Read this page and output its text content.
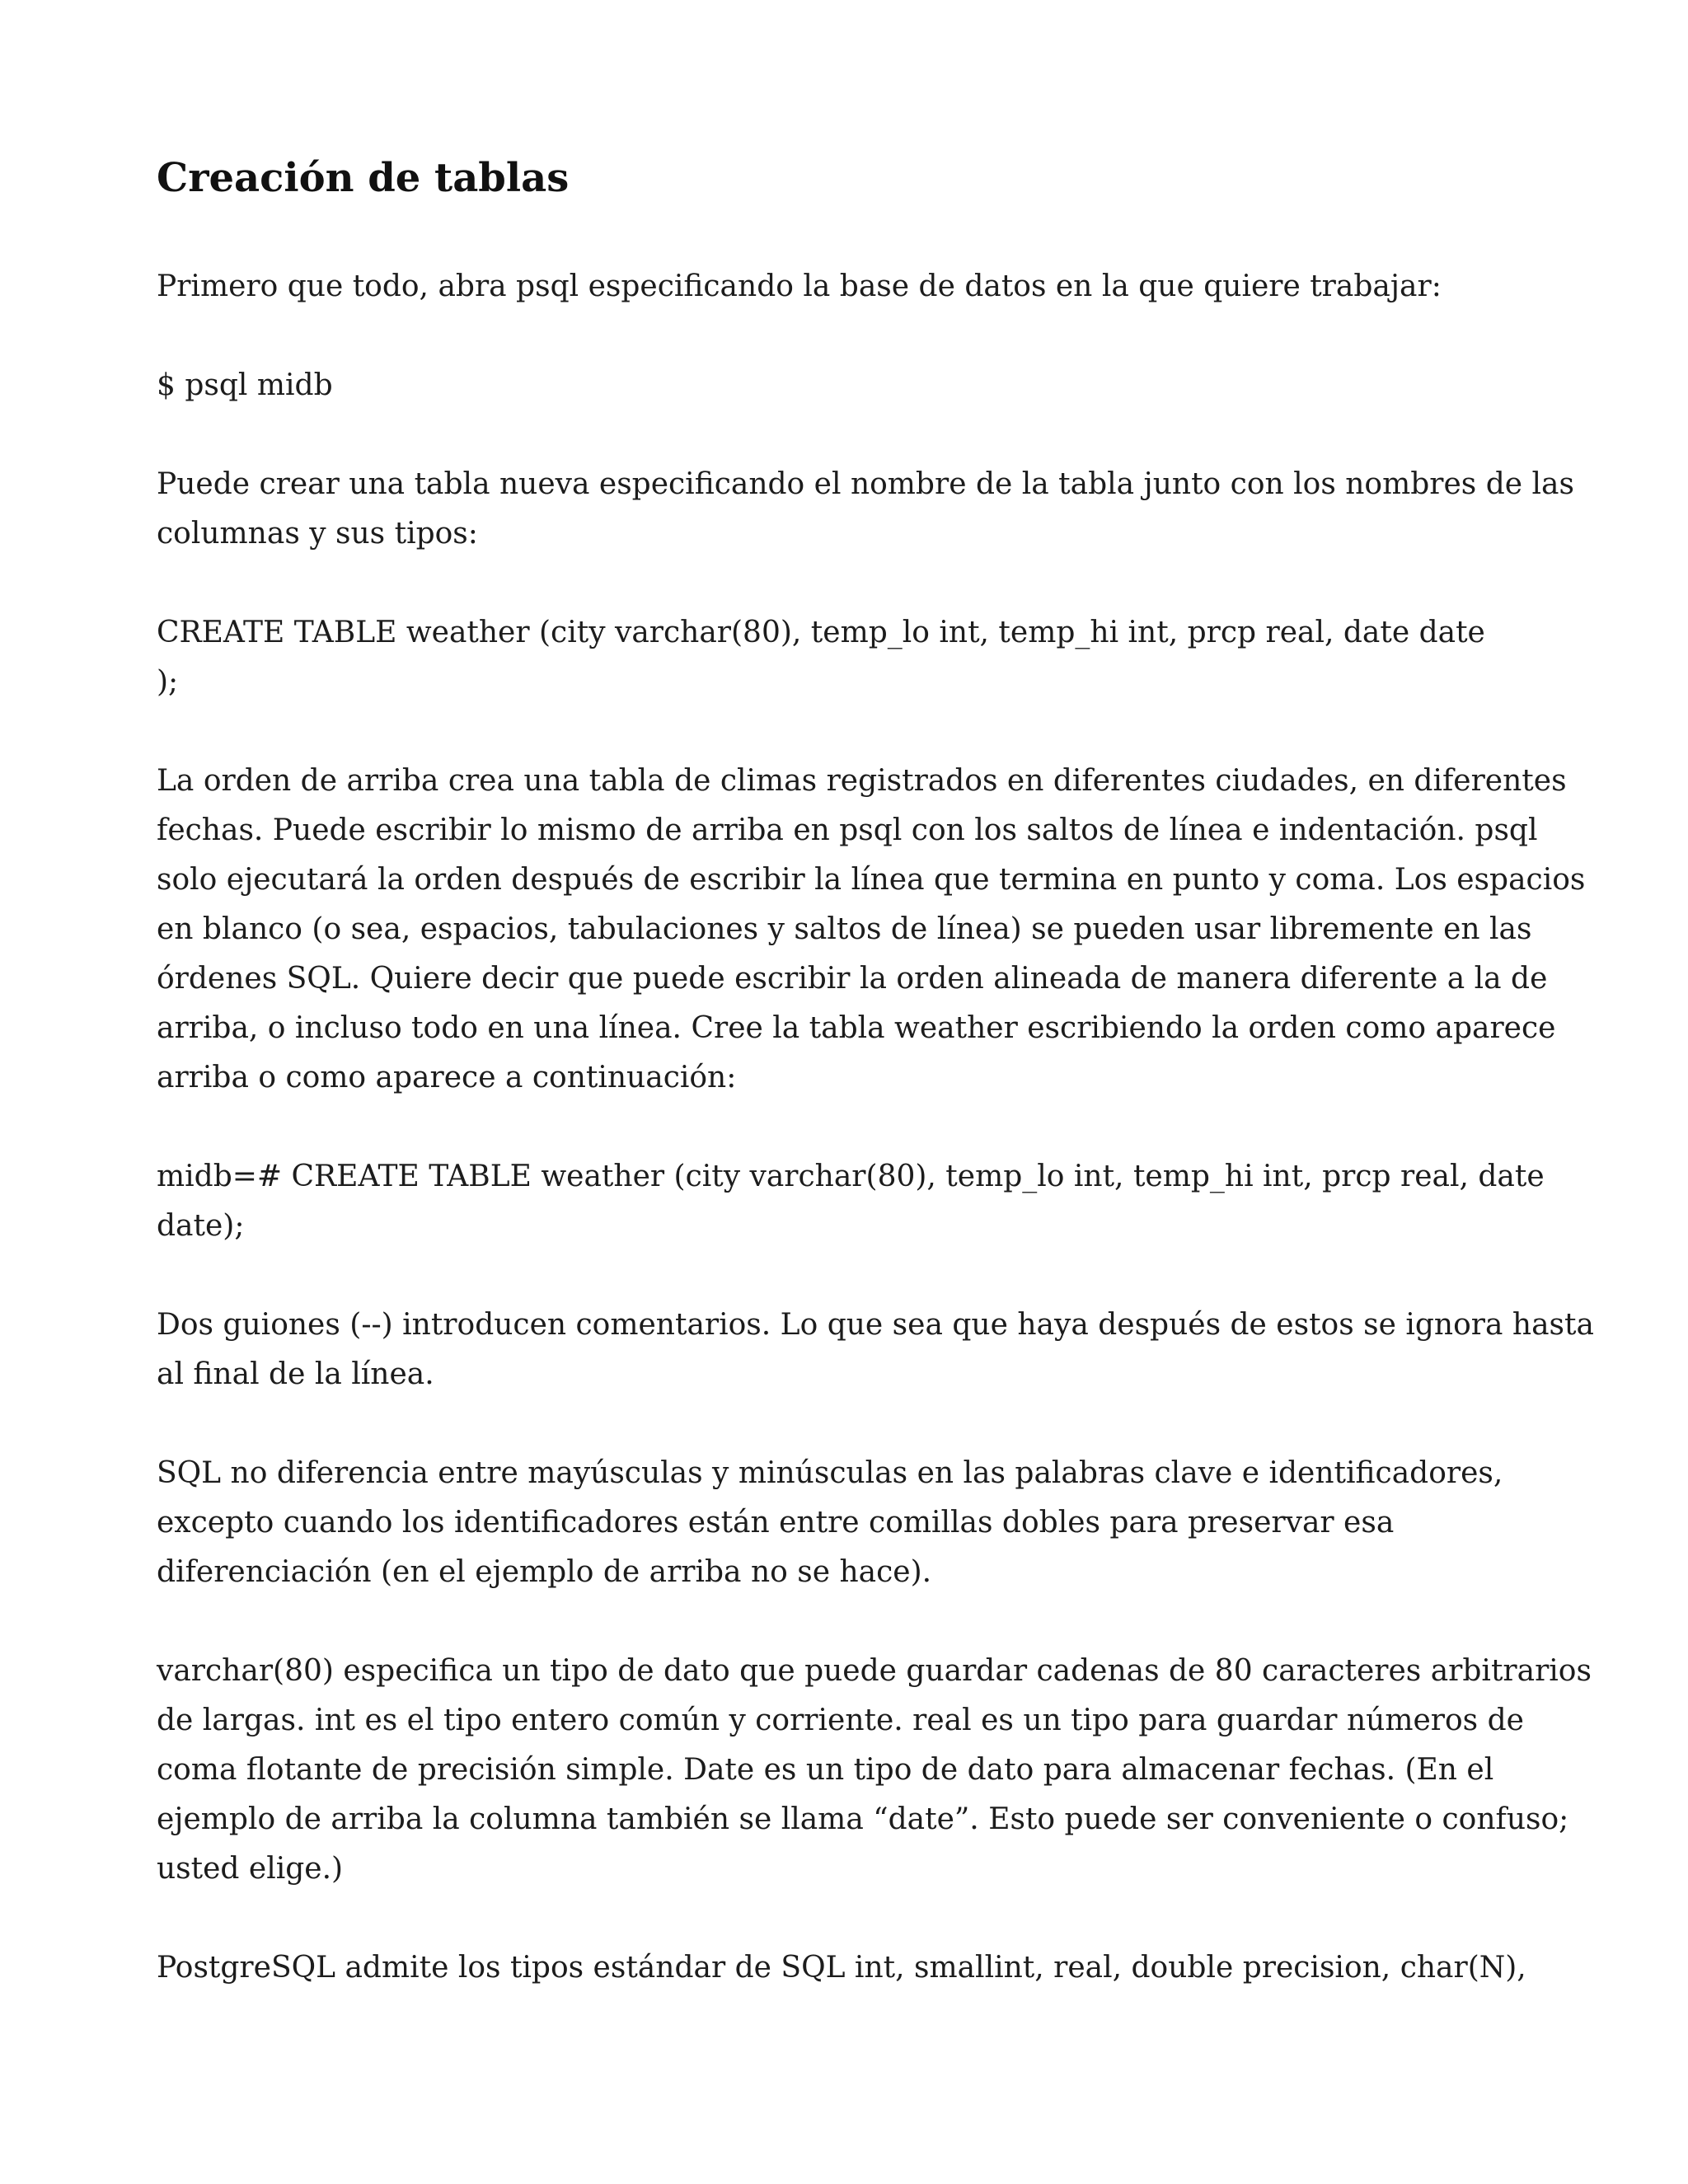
Creación de tablas

Primero que todo, abra psql especificando la base de datos en la que quiere trabajar:

$ psql midb

Puede crear una tabla nueva especificando el nombre de la tabla junto con los nombres de las
columnas y sus tipos:

CREATE TABLE weather (city varchar(80), temp_lo int, temp_hi int, prcp real, date date
);

La orden de arriba crea una tabla de climas registrados en diferentes ciudades, en diferentes
fechas. Puede escribir lo mismo de arriba en psql con los saltos de línea e indentación. psql
solo ejecutará la orden después de escribir la línea que termina en punto y coma. Los espacios
en blanco (o sea, espacios, tabulaciones y saltos de línea) se pueden usar libremente en las
órdenes SQL. Quiere decir que puede escribir la orden alineada de manera diferente a la de
arriba, o incluso todo en una línea. Cree la tabla weather escribiendo la orden como aparece
arriba o como aparece a continuación:

midb=# CREATE TABLE weather (city varchar(80), temp_lo int, temp_hi int, prcp real, date
date);

Dos guiones (--) introducen comentarios. Lo que sea que haya después de estos se ignora hasta
al final de la línea.

SQL no diferencia entre mayúsculas y minúsculas en las palabras clave e identificadores,
excepto cuando los identificadores están entre comillas dobles para preservar esa
diferenciación (en el ejemplo de arriba no se hace).

varchar(80) especifica un tipo de dato que puede guardar cadenas de 80 caracteres arbitrarios
de largas. int es el tipo entero común y corriente. real es un tipo para guardar números de
coma flotante de precisión simple. Date es un tipo de dato para almacenar fechas. (En el
ejemplo de arriba la columna también se llama “date”. Esto puede ser conveniente o confuso;
usted elige.)

PostgreSQL admite los tipos estándar de SQL int, smallint, real, double precision, char(N),
